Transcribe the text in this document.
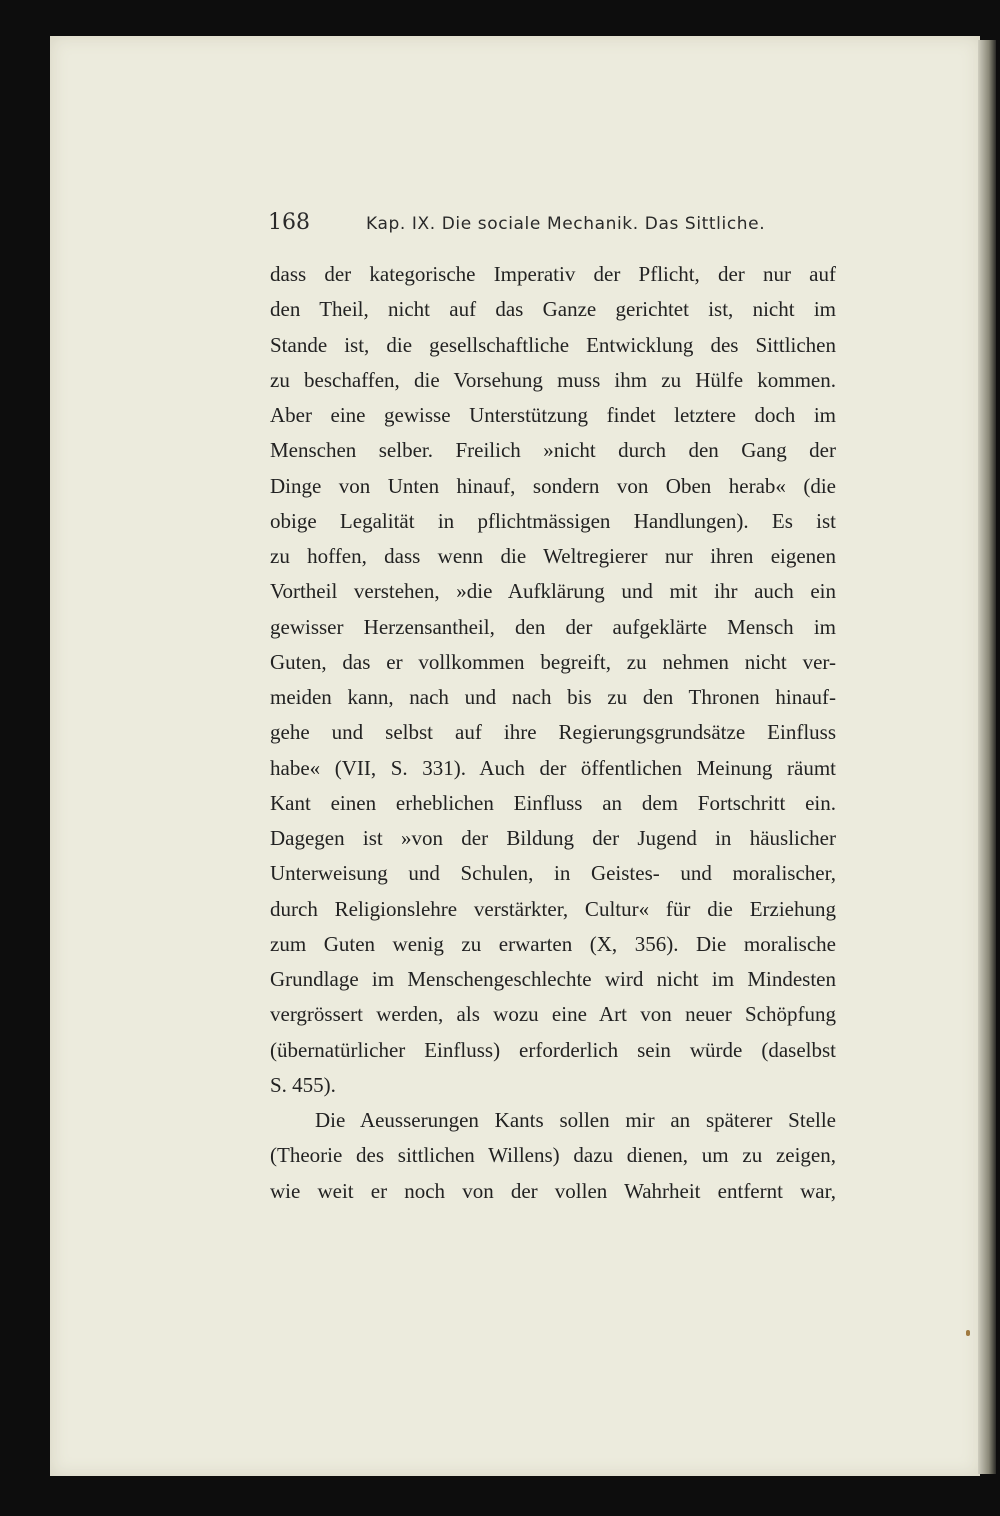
168	Kap. IX. Die sociale Mechanik. Das Sittliche.
dass der kategorische Imperativ der Pflicht, der nur auf
den Theil, nicht auf das Ganze gerichtet ist, nicht im
Stande ist, die gesellschaftliche Entwicklung des Sittlichen
zu beschaffen, die Vorsehung muss ihm zu Hülfe kommen.
Aber eine gewisse Unterstützung findet letztere doch im
Menschen selber. Freilich »nicht durch den Gang der
Dinge von Unten hinauf, sondern von Oben herab« (die
obige Legalität in pflichtmässigen Handlungen). Es ist
zu hoffen, dass wenn die Weltregierer nur ihren eigenen
Vortheil verstehen, »die Aufklärung und mit ihr auch ein
gewisser Herzensantheil, den der aufgeklärte Mensch im
Guten, das er vollkommen begreift, zu nehmen nicht ver-
meiden kann, nach und nach bis zu den Thronen hinauf-
gehe und selbst auf ihre Regierungsgrundsätze Einfluss
habe« (VII, S. 331). Auch der öffentlichen Meinung räumt
Kant einen erheblichen Einfluss an dem Fortschritt ein.
Dagegen ist »von der Bildung der Jugend in häuslicher
Unterweisung und Schulen, in Geistes- und moralischer,
durch Religionslehre verstärkter, Cultur« für die Erziehung
zum Guten wenig zu erwarten (X, 356). Die moralische
Grundlage im Menschengeschlechte wird nicht im Mindesten
vergrössert werden, als wozu eine Art von neuer Schöpfung
(übernatürlicher Einfluss) erforderlich sein würde (daselbst
S. 455).
Die Aeusserungen Kants sollen mir an späterer Stelle
(Theorie des sittlichen Willens) dazu dienen, um zu zeigen,
wie weit er noch von der vollen Wahrheit entfernt war,
